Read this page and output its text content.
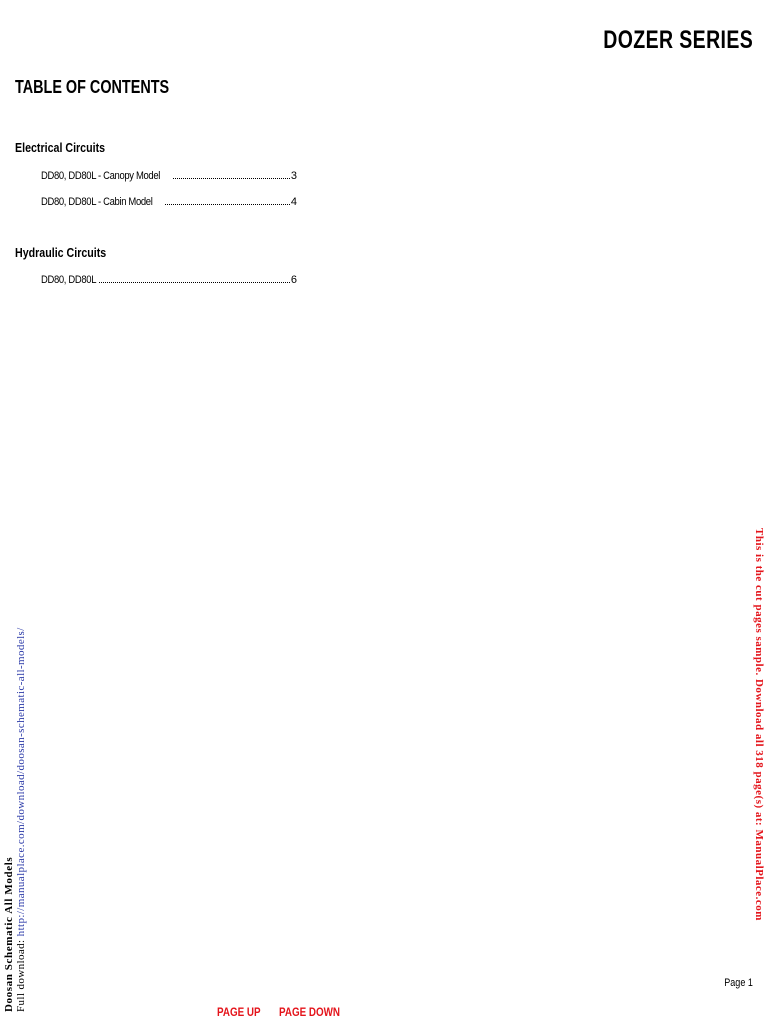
DOZER SERIES
TABLE OF CONTENTS
Electrical Circuits
DD80, DD80L - Canopy Model	3
DD80, DD80L - Cabin Model	4
Hydraulic Circuits
DD80, DD80L	6
Page 1
PAGE UP PAGE DOWN
Doosan Schematic All Models Full download: http://manualplace.com/download/doosan-schematic-all-models/	This is the cut pages sample. Download all 318 page(s) at: ManualPlace.com
